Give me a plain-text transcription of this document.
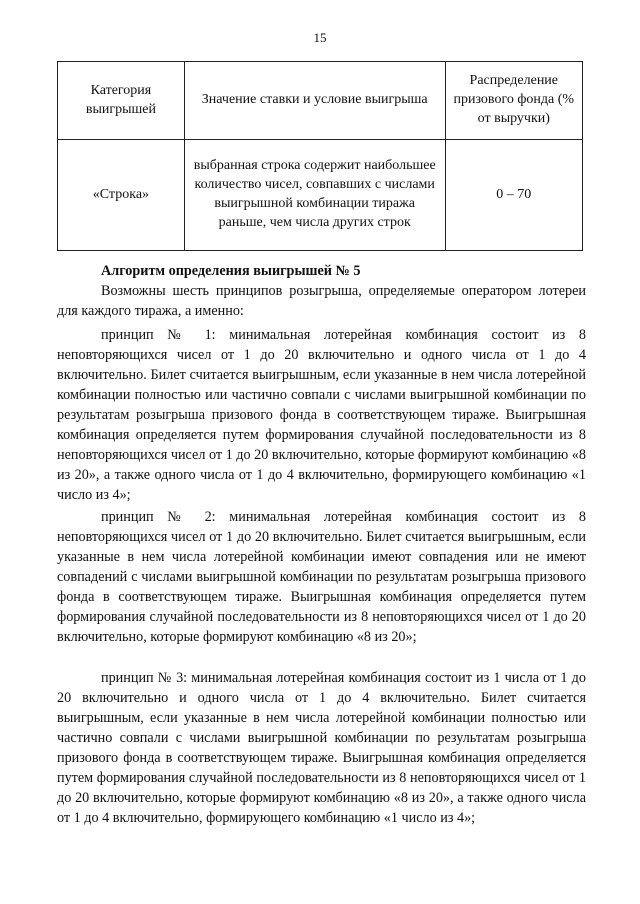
15
Категория выигрышей	Значение ставки и условие выигрыша	Распределение призового фонда (% от выручки)
«Строка»	выбранная строка содержит наибольшее количество чисел, совпавших с числами выигрышной комбинации тиража раньше, чем числа других строк	0 – 70

Алгоритм определения выигрышей № 5

Возможны шесть принципов розыгрыша, определяемые оператором лотереи для каждого тиража, а именно:

принцип № 1: минимальная лотерейная комбинация состоит из 8 неповторяющихся чисел от 1 до 20 включительно и одного числа от 1 до 4 включительно. Билет считается выигрышным, если указанные в нем числа лотерейной комбинации полностью или частично совпали с числами выигрышной комбинации по результатам розыгрыша призового фонда в соответствующем тираже. Выигрышная комбинация определяется путем формирования случайной последовательности из 8 неповторяющихся чисел от 1 до 20 включительно, которые формируют комбинацию «8 из 20», а также одного числа от 1 до 4 включительно, формирующего комбинацию «1 число из 4»;

принцип № 2: минимальная лотерейная комбинация состоит из 8 неповторяющихся чисел от 1 до 20 включительно. Билет считается выигрышным, если указанные в нем числа лотерейной комбинации имеют совпадения или не имеют совпадений с числами выигрышной комбинации по результатам розыгрыша призового фонда в соответствующем тираже. Выигрышная комбинация определяется путем формирования случайной последовательности из 8 неповторяющихся чисел от 1 до 20 включительно, которые формируют комбинацию «8 из 20»;

принцип № 3: минимальная лотерейная комбинация состоит из 1 числа от 1 до 20 включительно и одного числа от 1 до 4 включительно. Билет считается выигрышным, если указанные в нем числа лотерейной комбинации полностью или частично совпали с числами выигрышной комбинации по результатам розыгрыша призового фонда в соответствующем тираже. Выигрышная комбинация определяется путем формирования случайной последовательности из 8 неповторяющихся чисел от 1 до 20 включительно, которые формируют комбинацию «8 из 20», а также одного числа от 1 до 4 включительно, формирующего комбинацию «1 число из 4»;
